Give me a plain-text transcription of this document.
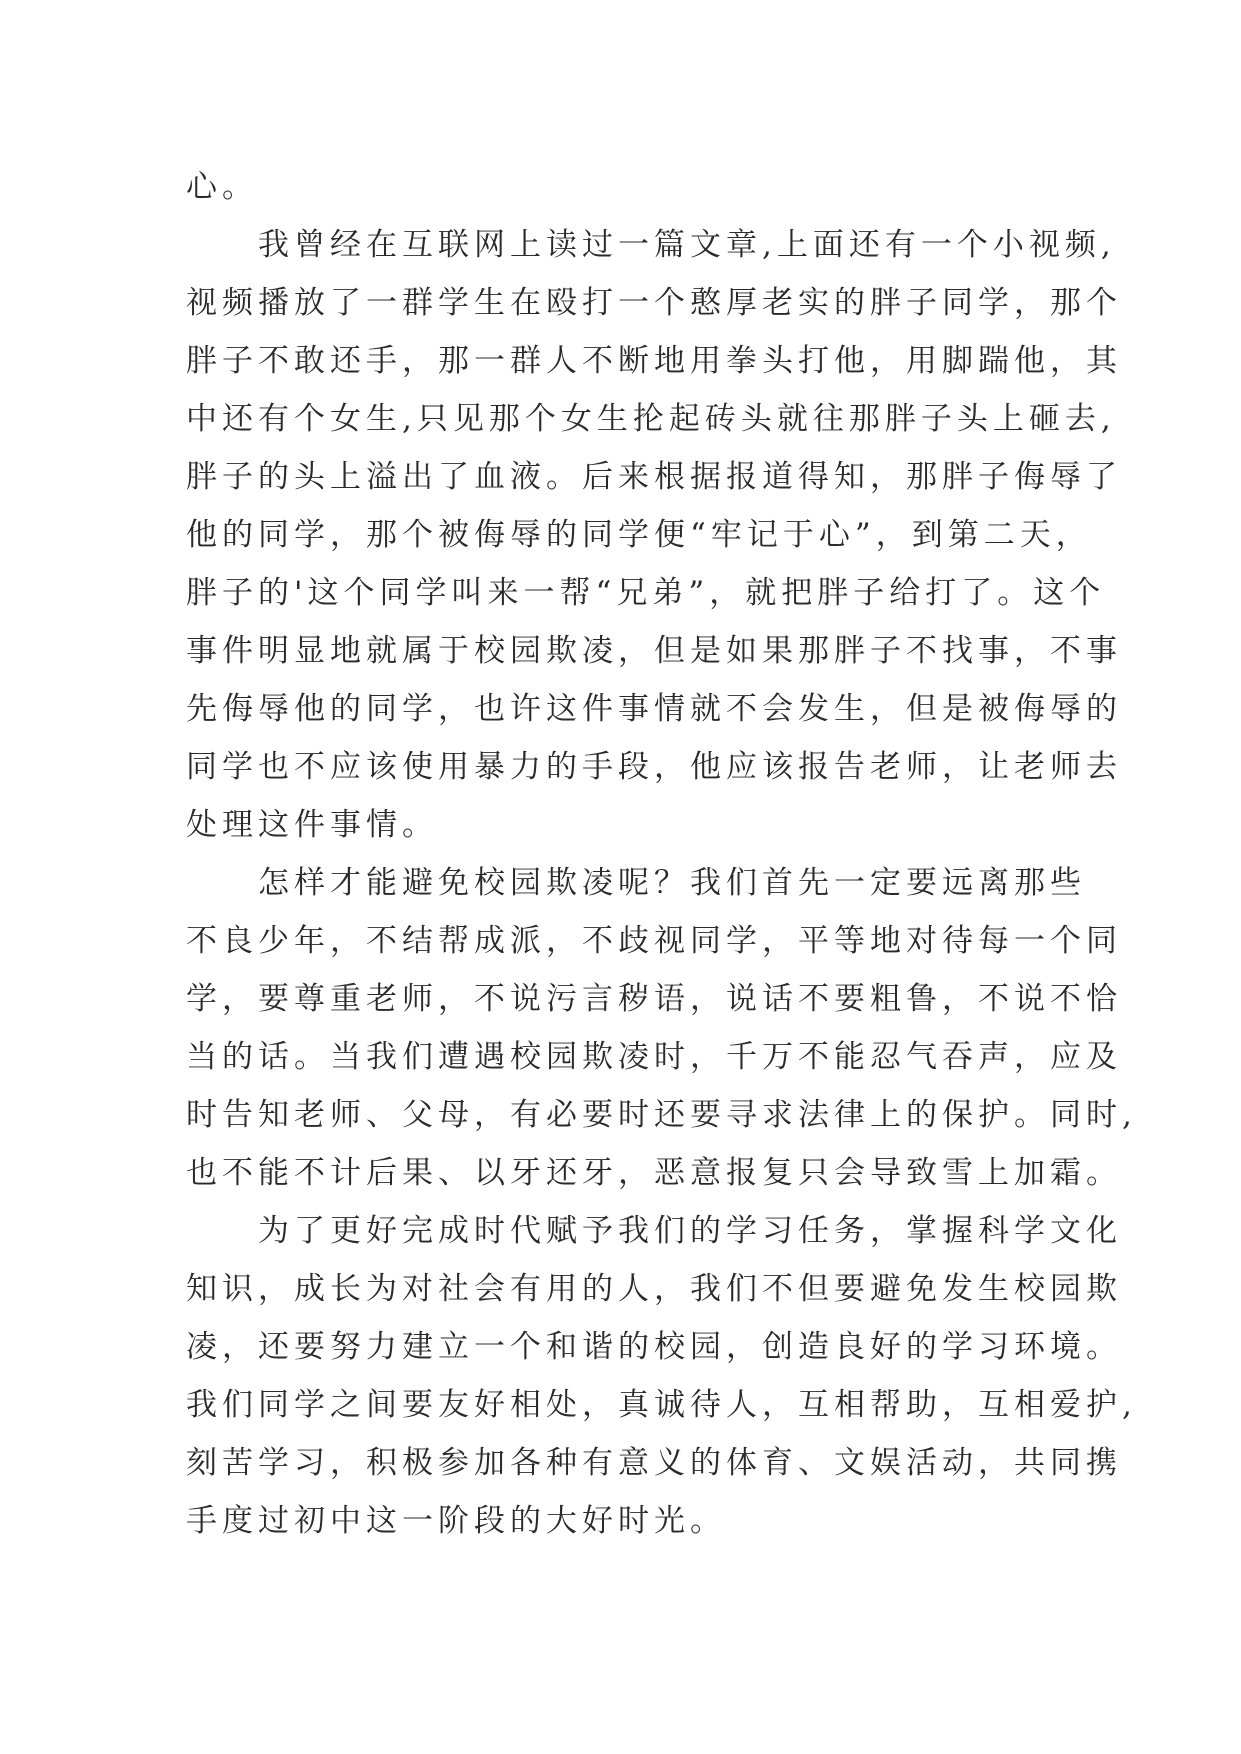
心。
我曾经在互联网上读过一篇文章,上面还有一个小视频,
视频播放了一群学生在殴打一个憨厚老实的胖子同学，那个
胖子不敢还手，那一群人不断地用拳头打他，用脚踹他，其
中还有个女生,只见那个女生抡起砖头就往那胖子头上砸去,
胖子的头上溢出了血液。后来根据报道得知，那胖子侮辱了
他的同学，那个被侮辱的同学便“牢记于心”，到第二天，
胖子的'这个同学叫来一帮“兄弟”，就把胖子给打了。这个
事件明显地就属于校园欺凌，但是如果那胖子不找事，不事
先侮辱他的同学，也许这件事情就不会发生，但是被侮辱的
同学也不应该使用暴力的手段，他应该报告老师，让老师去
处理这件事情。
怎样才能避免校园欺凌呢？我们首先一定要远离那些
不良少年，不结帮成派，不歧视同学，平等地对待每一个同
学，要尊重老师，不说污言秽语，说话不要粗鲁，不说不恰
当的话。当我们遭遇校园欺凌时，千万不能忍气吞声，应及
时告知老师、父母，有必要时还要寻求法律上的保护。同时,
也不能不计后果、以牙还牙，恶意报复只会导致雪上加霜。
为了更好完成时代赋予我们的学习任务，掌握科学文化
知识，成长为对社会有用的人，我们不但要避免发生校园欺
凌，还要努力建立一个和谐的校园，创造良好的学习环境。
我们同学之间要友好相处，真诚待人，互相帮助，互相爱护,
刻苦学习，积极参加各种有意义的体育、文娱活动，共同携
手度过初中这一阶段的大好时光。
